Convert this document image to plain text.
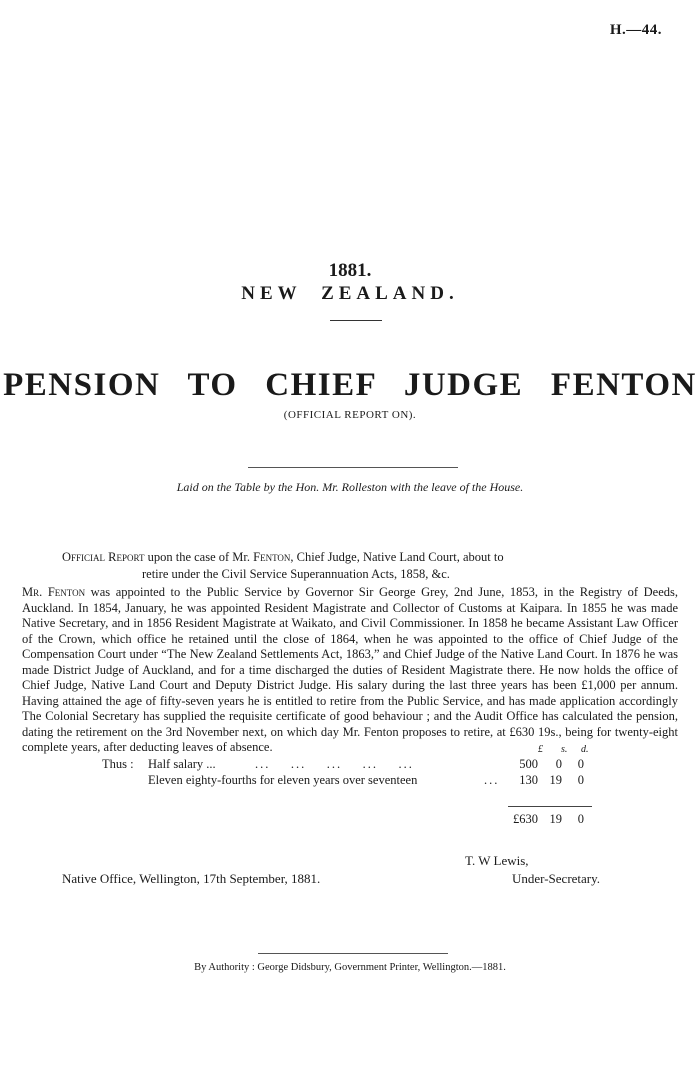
H.—44.
1881.
NEW ZEALAND.
PENSION TO CHIEF JUDGE FENTON
(OFFICIAL REPORT ON).
Laid on the Table by the Hon. Mr. Rolleston with the leave of the House.
Official Report upon the case of Mr. Fenton, Chief Judge, Native Land Court, about to
retire under the Civil Service Superannuation Acts, 1858, &c.
Mr. Fenton was appointed to the Public Service by Governor Sir George Grey, 2nd June, 1853, in the Registry of Deeds, Auckland. In 1854, January, he was appointed Resident Magistrate and Collector of Customs at Kaipara. In 1855 he was made Native Secretary, and in 1856 Resident Magistrate at Waikato, and Civil Commissioner. In 1858 he became Assistant Law Officer of the Crown, which office he retained until the close of 1864, when he was appointed to the office of Chief Judge of the Compensation Court under “The New Zealand Settlements Act, 1863,” and Chief Judge of the Native Land Court. In 1876 he was made District Judge of Auckland, and for a time discharged the duties of Resident Magistrate there. He now holds the office of Chief Judge, Native Land Court and Deputy District Judge. His salary during the last three years has been £1,000 per annum. Having attained the age of fifty-seven years he is entitled to retire from the Public Service, and has made application accordingly The Colonial Secretary has supplied the requisite certificate of good behaviour ; and the Audit Office has calculated the pension, dating the retirement on the 3rd November next, on which day Mr. Fenton proposes to retire, at £630 19s., being for twenty-eight complete years, after deducting leaves of absence.	£ s. d.
Thus : Half salary ...	...    ...    ...    ...    ...	500 0 0
Eleven eighty-fourths for eleven years over seventeen	...	130 19 0
£630 19 0
T. W Lewis,
Under-Secretary.
Native Office, Wellington, 17th September, 1881.
By Authority : George Didsbury, Government Printer, Wellington.—1881.
